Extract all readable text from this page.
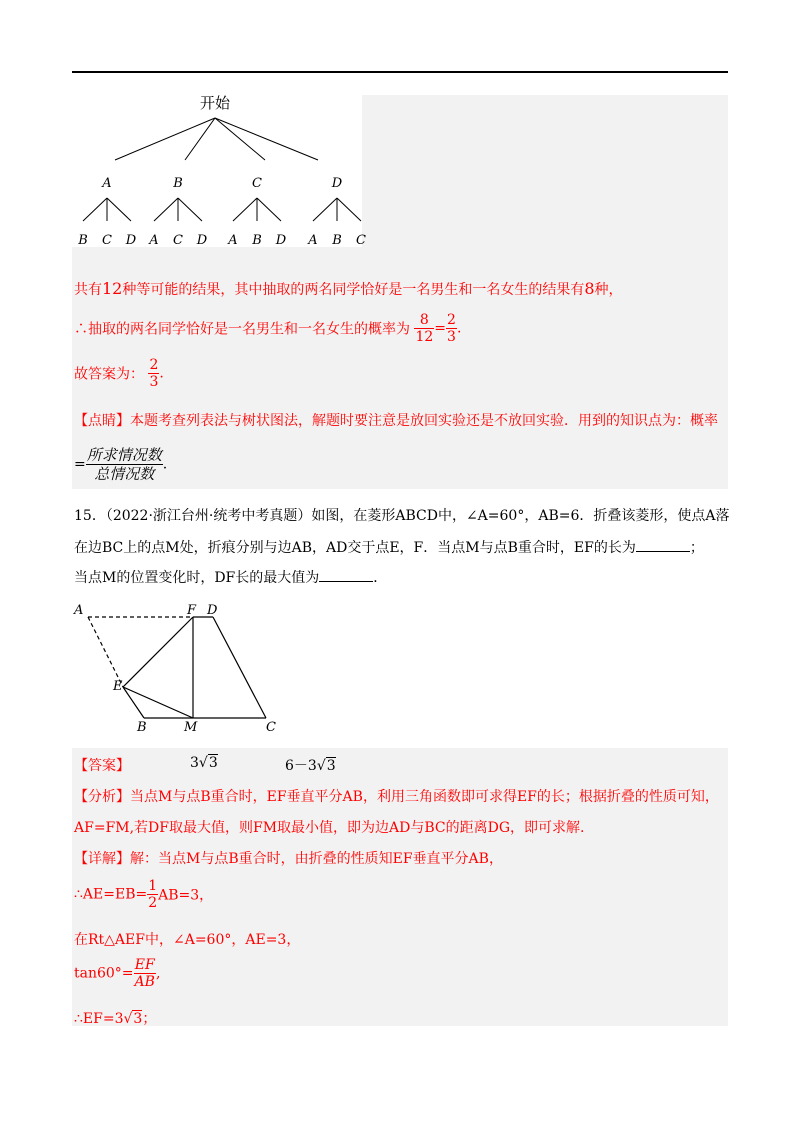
开始
A
B C D
B
A C D
C
A B D
D
A B C
共有12种等可能的结果，其中抽取的两名同学恰好是一名男生和一名女生的结果有8种，
∴抽取的两名同学恰好是一名男生和一名女生的概率为 $\frac{8}{12} = \frac{2}{3}$ .
故答案为： $\frac{2}{3}$ .
【点睛】本题考查列表法与树状图法，解题时要注意是放回实验还是不放回实验．用到的知识点为：概率
= $\frac{\text{所求情况数}}{\text{总情况数}}$ .
15．（2022·浙江台州·统考中考真题）如图，在菱形ABCD中，∠A=60°，AB=6．折叠该菱形，使点A落
在边BC上的点M处，折痕分别与边AB，AD交于点E，F．当点M与点B重合时，EF的长为	；
当点M的位置变化时，DF长的最大值为	．
A	F D
E
B	M	C
【答案】	3√3	6－3√3
【分析】当点M与点B重合时，EF垂直平分AB，利用三角函数即可求得EF的长；根据折叠的性质可知，
AF=FM,若DF取最大值，则FM取最小值，即为边AD与BC的距离DG，即可求解.
【详解】解：当点M与点B重合时，由折叠的性质知EF垂直平分AB，
∴AE=EB= $\frac{1}{2} AB=3$，
在Rt△AEF中，∠A=60°，AE=3，
$\tan 60^\circ= \frac{EF}{AB}$ ,
∴EF=3√3；
